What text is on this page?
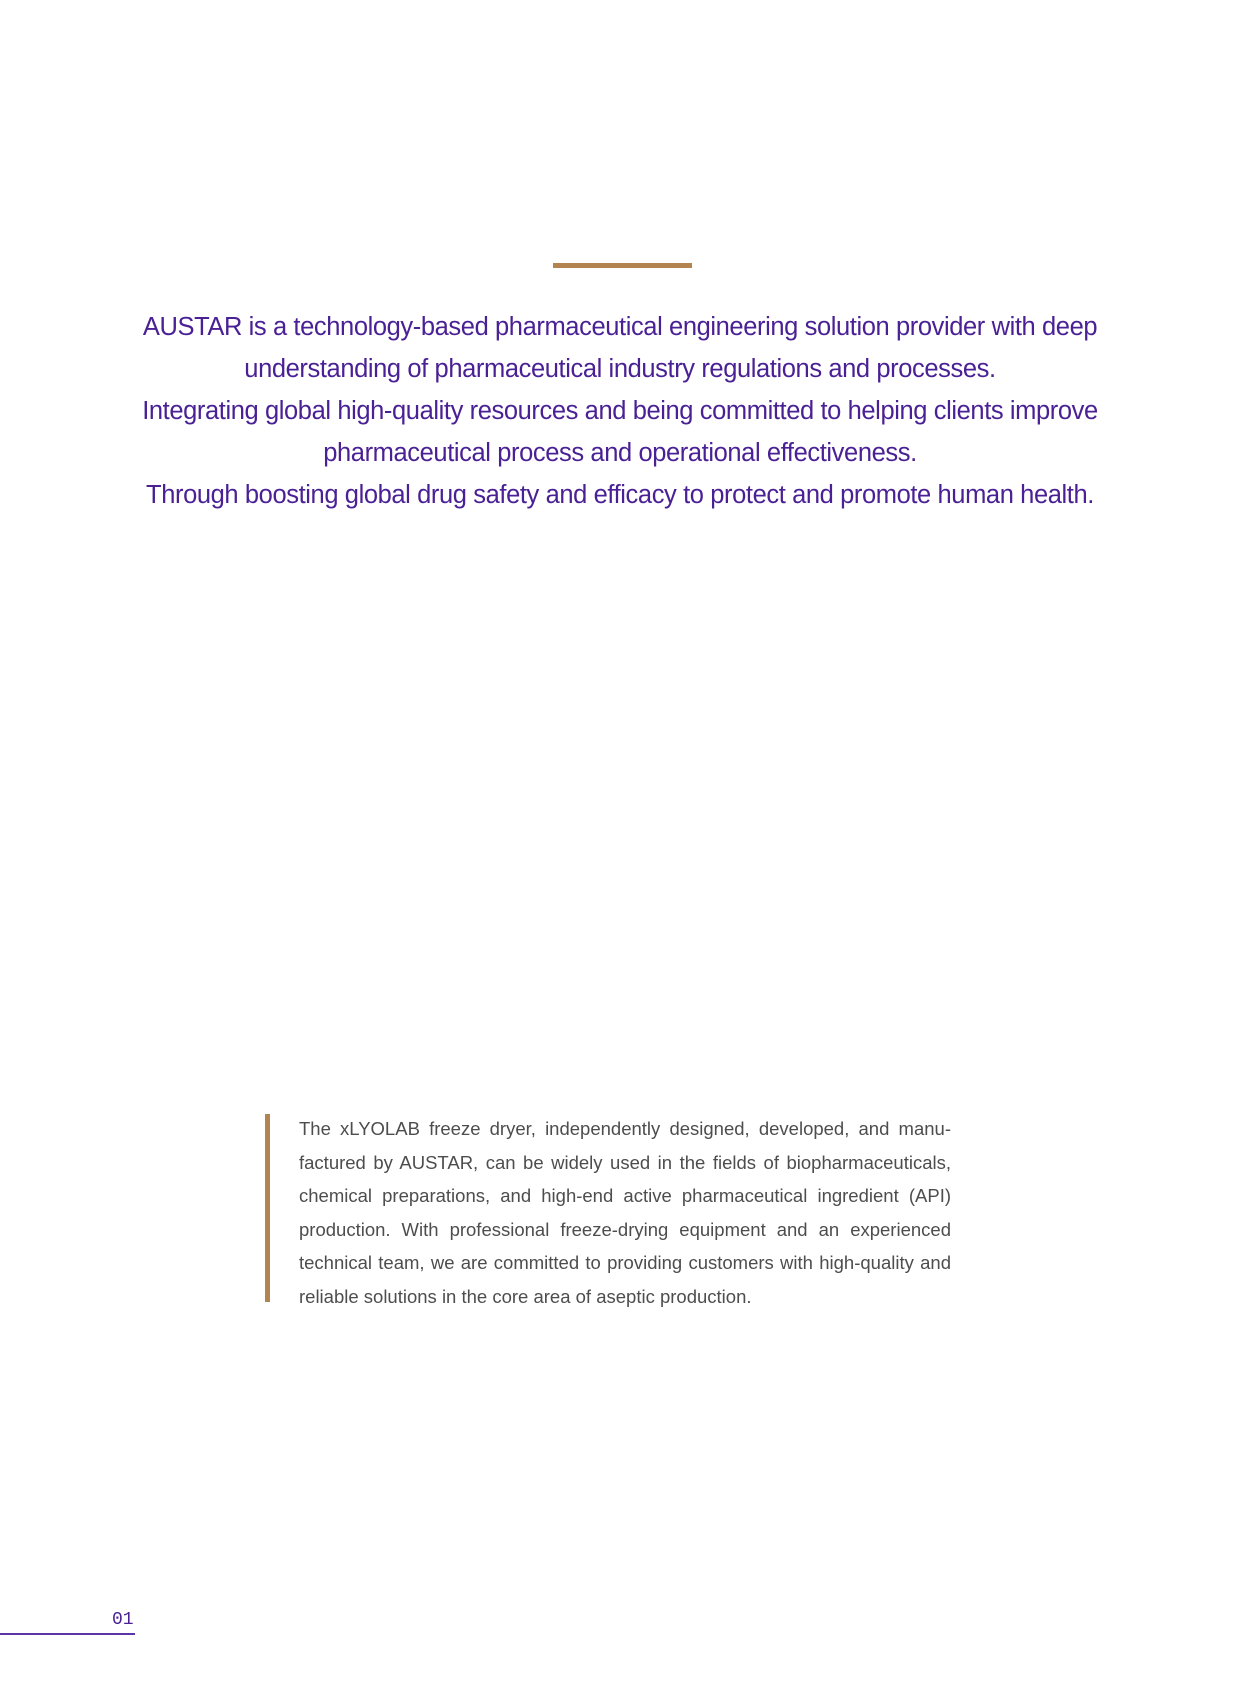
AUSTAR is a technology-based pharmaceutical engineering solution provider with deep
understanding of pharmaceutical industry regulations and processes.
Integrating global high-quality resources and being committed to helping clients improve
pharmaceutical process and operational effectiveness.
Through boosting global drug safety and efficacy to protect and promote human health.

The xLYOLAB freeze dryer, independently designed, developed, and manu-factured by AUSTAR, can be widely used in the fields of biopharmaceuticals, chemical preparations, and high-end active pharmaceutical ingredient (API) production. With professional freeze-drying equipment and an experienced technical team, we are committed to providing customers with high-quality and reliable solutions in the core area of aseptic production.

01
